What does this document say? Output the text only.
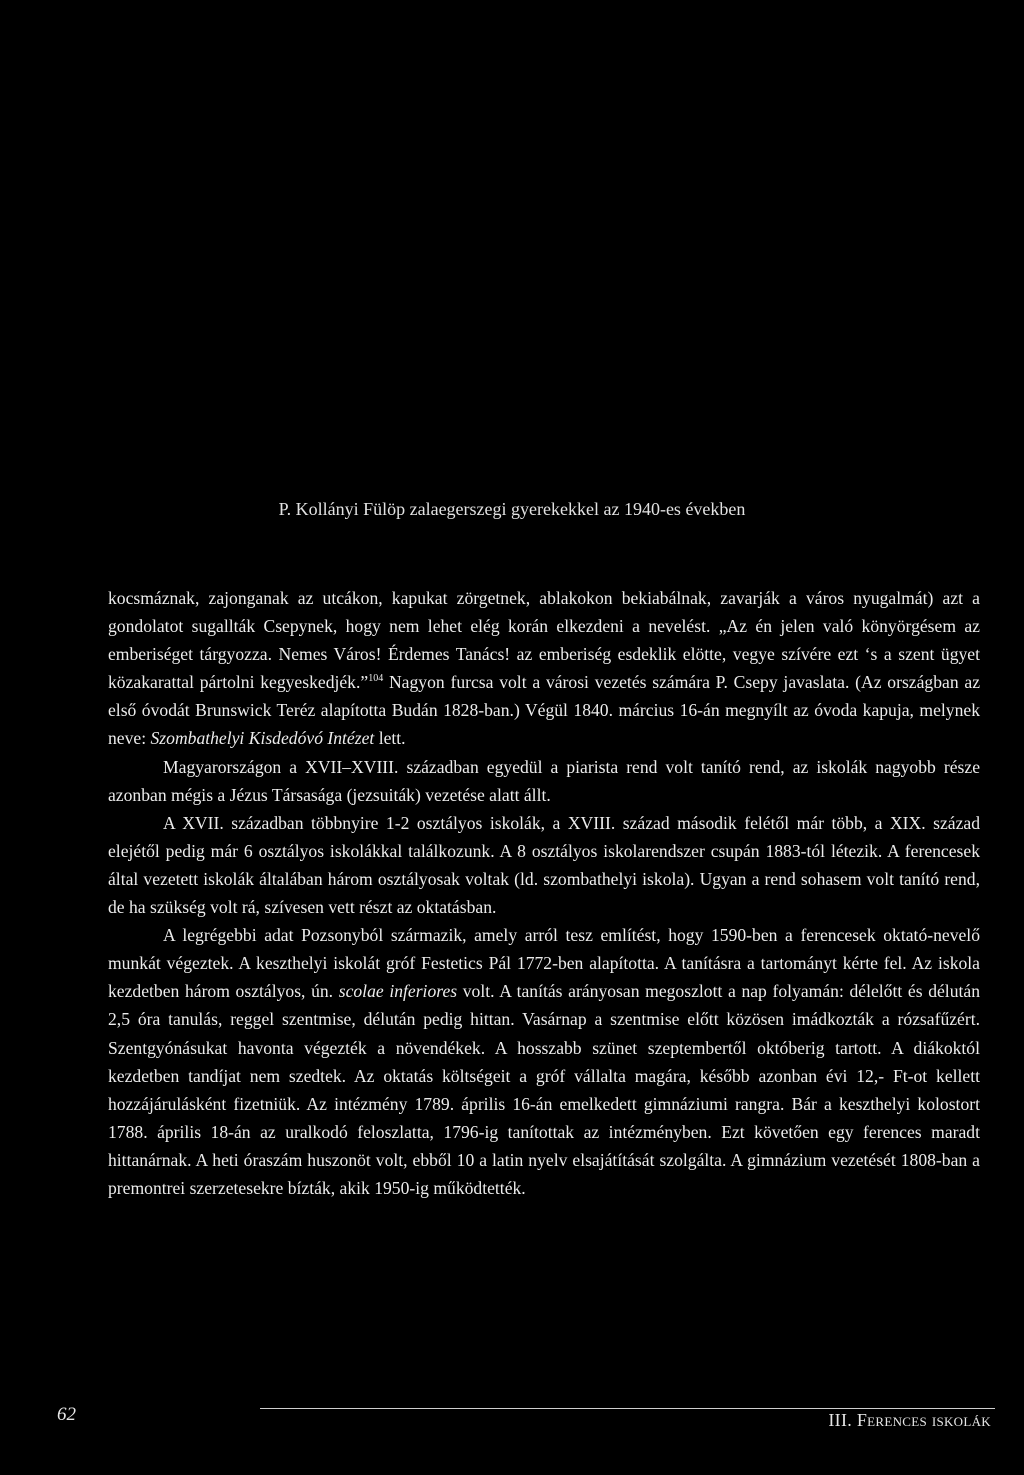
P. Kollányi Fülöp zalaegerszegi gyerekekkel az 1940-es években

kocsmáznak, zajonganak az utcákon, kapukat zörgetnek, ablakokon bekiabálnak, zavarják a város nyugalmát) azt a gondolatot sugallták Csepynek, hogy nem lehet elég korán elkezdeni a nevelést. „Az én jelen való könyörgésem az emberiséget tárgyozza. Nemes Város! Érdemes Tanács! az emberiség esdeklik elötte, vegye szívére ezt ‘s a szent ügyet közakarattal pártolni kegyeskedjék.”$^{104}$ Nagyon furcsa volt a városi vezetés számára P. Csepy javaslata. (Az országban az első óvodát Brunswick Teréz alapította Budán 1828-ban.) Végül 1840. március 16-án megnyílt az óvoda kapuja, melynek neve: Szombathelyi Kisdedóvó Intézet lett.

Magyarországon a XVII–XVIII. században egyedül a piarista rend volt tanító rend, az iskolák nagyobb része azonban mégis a Jézus Társasága (jezsuiták) vezetése alatt állt.

A XVII. században többnyire 1-2 osztályos iskolák, a XVIII. század második felétől már több, a XIX. század elejétől pedig már 6 osztályos iskolákkal találkozunk. A 8 osztályos iskolarendszer csupán 1883-tól létezik. A ferencesek által vezetett iskolák általában három osztályosak voltak (ld. szombathelyi iskola). Ugyan a rend sohasem volt tanító rend, de ha szükség volt rá, szívesen vett részt az oktatásban.

A legrégebbi adat Pozsonyból származik, amely arról tesz említést, hogy 1590-ben a ferencesek oktató-nevelő munkát végeztek. A keszthelyi iskolát gróf Festetics Pál 1772-ben alapította. A tanításra a tartományt kérte fel. Az iskola kezdetben három osztályos, ún. scolae inferiores volt. A tanítás arányosan megoszlott a nap folyamán: délelőtt és délután 2,5 óra tanulás, reggel szentmise, délután pedig hittan. Vasárnap a szentmise előtt közösen imádkozták a rózsafűzért. Szentgyónásukat havonta végezték a növendékek. A hosszabb szünet szeptembertől októberig tartott. A diákoktól kezdetben tandíjat nem szedtek. Az oktatás költségeit a gróf vállalta magára, később azonban évi 12,- Ft-ot kellett hozzájárulásként fizetniük. Az intézmény 1789. április 16-án emelkedett gimnáziumi rangra. Bár a keszthelyi kolostort 1788. április 18-án az uralkodó feloszlatta, 1796-ig tanítottak az intézményben. Ezt követően egy ferences maradt hittanárnak. A heti óraszám huszonöt volt, ebből 10 a latin nyelv elsajátítását szolgálta. A gimnázium vezetését 1808-ban a premontrei szerzetesekre bízták, akik 1950-ig működtették.

62	III. Ferences iskolák
